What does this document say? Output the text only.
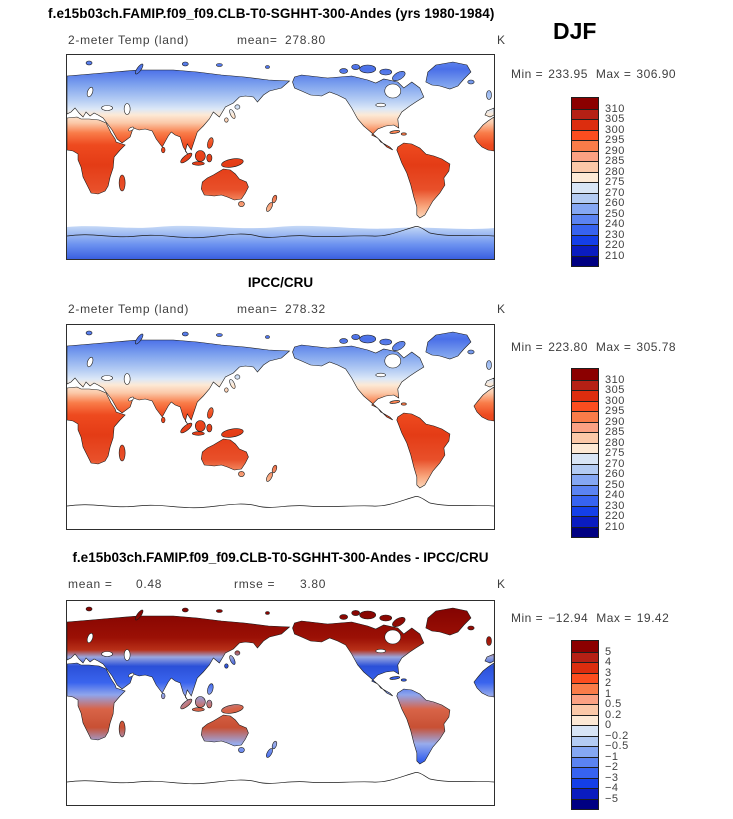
f.e15b03ch.FAMIP.f09_f09.CLB-T0-SGHHT-300-Andes (yrs 1980-1984)
DJF
2-meter Temp (land)	mean= 278.80	K
Min = 233.95 Max = 306.90
310
305
300
295
290
285
280
275
270
260
250
240
230
220
210
IPCC/CRU
2-meter Temp (land)	mean= 278.32	K
Min = 223.80 Max = 305.78
310
305
300
295
290
285
280
275
270
260
250
240
230
220
210
f.e15b03ch.FAMIP.f09_f09.CLB-T0-SGHHT-300-Andes - IPCC/CRU
mean = 0.48	rmse = 3.80	K
Min = −12.94 Max = 19.42
5
4
3
2
1
0.5
0.2
0
−0.2
−0.5
−1
−2
−3
−4
−5
